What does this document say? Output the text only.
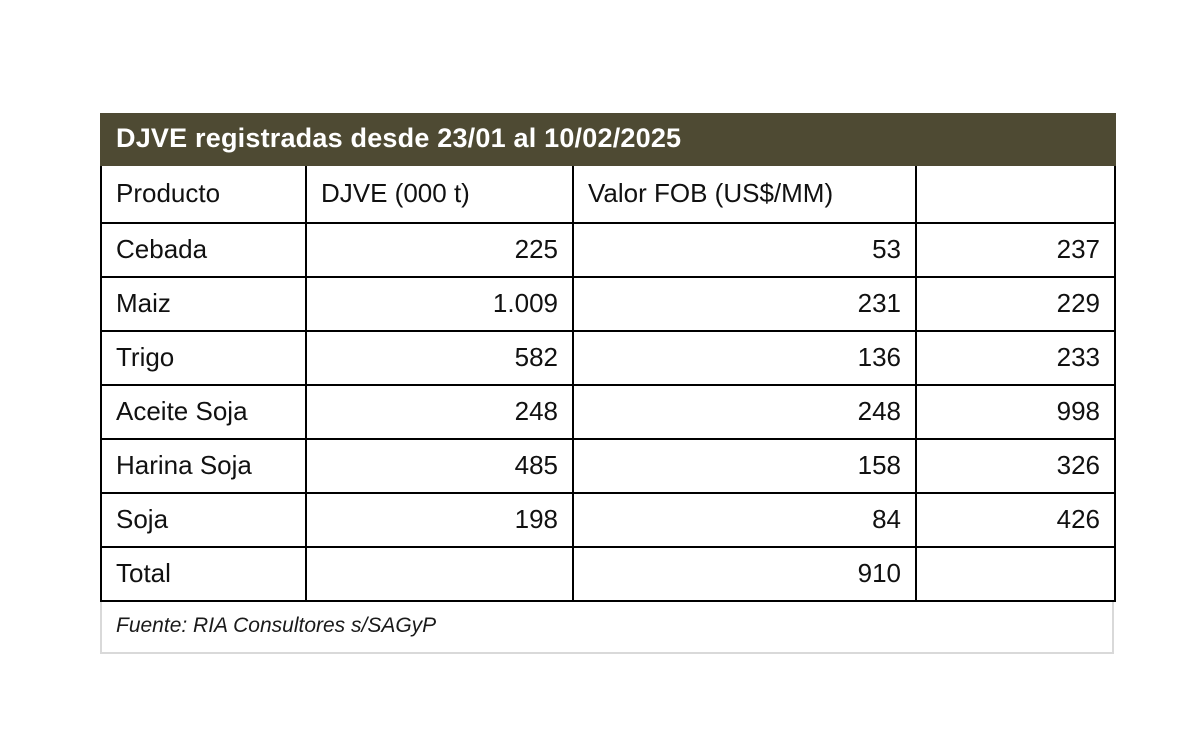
DJVE registradas desde 23/01 al 10/02/2025			
Producto	DJVE (000 t)	Valor FOB (US$/MM)	
Cebada	225	53	237
Maiz	1.009	231	229
Trigo	582	136	233
Aceite Soja	248	248	998
Harina Soja	485	158	326
Soja	198	84	426
Total		910	
Fuente: RIA Consultores s/SAGyP
